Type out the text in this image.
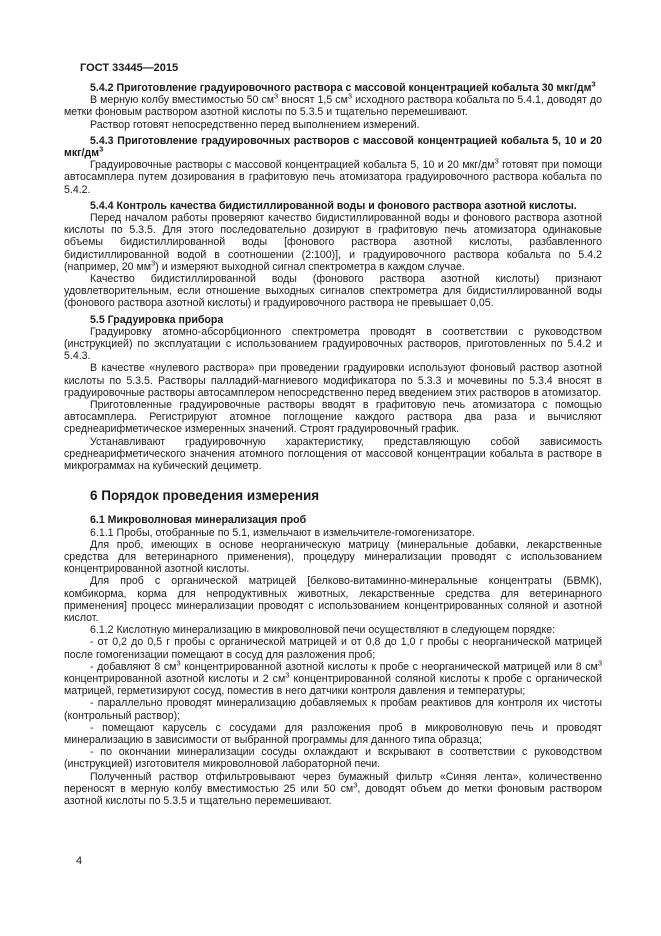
ГОСТ 33445—2015

5.4.2 Приготовление градуировочного раствора с массовой концентрацией кобальта 30 мкг/$дм^3$

В мерную колбу вместимостью 50 $см^3$ вносят 1,5 $см^3$ исходного раствора кобальта по 5.4.1, доводят до метки фоновым раствором азотной кислоты по 5.3.5 и тщательно перемешивают.

Раствор готовят непосредственно перед выполнением измерений.

5.4.3 Приготовление градуировочных растворов с массовой концентрацией кобальта 5, 10 и 20 мкг/$дм^3$

Градуировочные растворы с массовой концентрацией кобальта 5, 10 и 20 мкг/$дм^3$ готовят при помощи автосамплера путем дозирования в графитовую печь атомизатора градуировочного раствора кобальта по 5.4.2.

5.4.4 Контроль качества бидистиллированной воды и фонового раствора азотной кислоты.

Перед началом работы проверяют качество бидистиллированной воды и фонового раствора азотной кислоты по 5.3.5. Для этого последовательно дозируют в графитовую печь атомизатора одинаковые объемы бидистиллированной воды [фонового раствора азотной кислоты, разбавленного бидистиллированной водой в соотношении (2:100)], и градуировочного раствора кобальта по 5.4.2 (например, 20 $мм^3$) и измеряют выходной сигнал спектрометра в каждом случае.

Качество бидистиллированной воды (фонового раствора азотной кислоты) признают удовлетворительным, если отношение выходных сигналов спектрометра для бидистиллированной воды (фонового раствора азотной кислоты) и градуировочного раствора не превышает 0,05.

5.5 Градуировка прибора

Градуировку атомно-абсорбционного спектрометра проводят в соответствии с руководством (инструкцией) по эксплуатации с использованием градуировочных растворов, приготовленных по 5.4.2 и 5.4.3.

В качестве «нулевого раствора» при проведении градуировки используют фоновый раствор азотной кислоты по 5.3.5. Растворы палладий-магниевого модификатора по 5.3.3 и мочевины по 5.3.4 вносят в градуировочные растворы автосамплером непосредственно перед введением этих растворов в атомизатор.

Приготовленные градуировочные растворы вводят в графитовую печь атомизатора с помощью автосамплера. Регистрируют атомное поглощение каждого раствора два раза и вычисляют среднеарифметическое измеренных значений. Строят градуировочный график.

Устанавливают градуировочную характеристику, представляющую собой зависимость среднеарифметического значения атомного поглощения от массовой концентрации кобальта в растворе в микрограммах на кубический дециметр.

6 Порядок проведения измерения

6.1 Микроволновая минерализация проб

6.1.1 Пробы, отобранные по 5.1, измельчают в измельчителе-гомогенизаторе.

Для проб, имеющих в основе неорганическую матрицу (минеральные добавки, лекарственные средства для ветеринарного применения), процедуру минерализации проводят с использованием концентрированной азотной кислоты.

Для проб с органической матрицей [белково-витаминно-минеральные концентраты (БВМК), комбикорма, корма для непродуктивных животных, лекарственные средства для ветеринарного применения] процесс минерализации проводят с использованием концентрированных соляной и азотной кислот.

6.1.2 Кислотную минерализацию в микроволновой печи осуществляют в следующем порядке:

- от 0,2 до 0,5 г пробы с органической матрицей и от 0,8 до 1,0 г пробы с неорганической матрицей после гомогенизации помещают в сосуд для разложения проб;

- добавляют 8 $см^3$ концентрированной азотной кислоты к пробе с неорганической матрицей или 8 $см^3$ концентрированной азотной кислоты и 2 $см^3$ концентрированной соляной кислоты к пробе с органической матрицей, герметизируют сосуд, поместив в него датчики контроля давления и температуры;

- параллельно проводят минерализацию добавляемых к пробам реактивов для контроля их чистоты (контрольный раствор);

- помещают карусель с сосудами для разложения проб в микроволновую печь и проводят минерализацию в зависимости от выбранной программы для данного типа образца;

- по окончании минерализации сосуды охлаждают и вскрывают в соответствии с руководством (инструкцией) изготовителя микроволновой лабораторной печи.

Полученный раствор отфильтровывают через бумажный фильтр «Синяя лента», количественно переносят в мерную колбу вместимостью 25 или 50 $см^3$, доводят объем до метки фоновым раствором азотной кислоты по 5.3.5 и тщательно перемешивают.

4
